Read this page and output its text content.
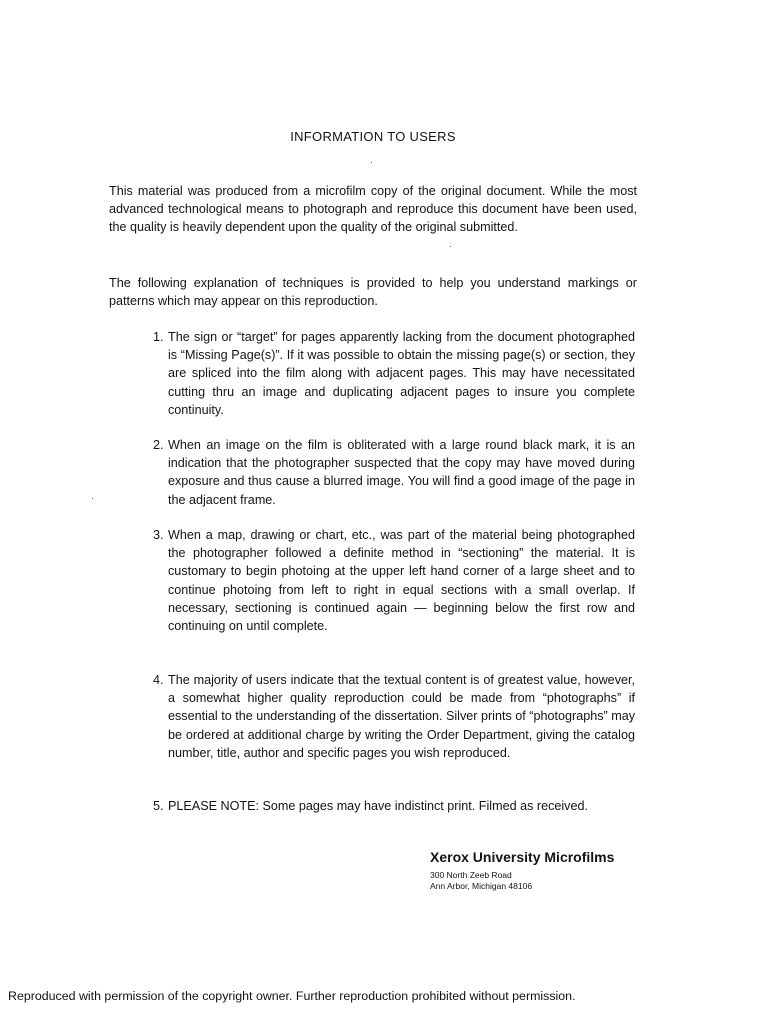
INFORMATION TO USERS

This material was produced from a microfilm copy of the original document. While the most advanced technological means to photograph and reproduce this document have been used, the quality is heavily dependent upon the quality of the original submitted.

The following explanation of techniques is provided to help you understand markings or patterns which may appear on this reproduction.

1. The sign or “target” for pages apparently lacking from the document photographed is “Missing Page(s)”. If it was possible to obtain the missing page(s) or section, they are spliced into the film along with adjacent pages. This may have necessitated cutting thru an image and duplicating adjacent pages to insure you complete continuity.
2. When an image on the film is obliterated with a large round black mark, it is an indication that the photographer suspected that the copy may have moved during exposure and thus cause a blurred image. You will find a good image of the page in the adjacent frame.
3. When a map, drawing or chart, etc., was part of the material being photographed the photographer followed a definite method in “sectioning” the material. It is customary to begin photoing at the upper left hand corner of a large sheet and to continue photoing from left to right in equal sections with a small overlap. If necessary, sectioning is continued again — beginning below the first row and continuing on until complete.
4. The majority of users indicate that the textual content is of greatest value, however, a somewhat higher quality reproduction could be made from “photographs” if essential to the understanding of the dissertation. Silver prints of “photographs” may be ordered at additional charge by writing the Order Department, giving the catalog number, title, author and specific pages you wish reproduced.
5. PLEASE NOTE: Some pages may have indistinct print. Filmed as received.
Xerox University Microfilms
300 North Zeeb Road
Ann Arbor, Michigan 48106
Reproduced with permission of the copyright owner. Further reproduction prohibited without permission.
